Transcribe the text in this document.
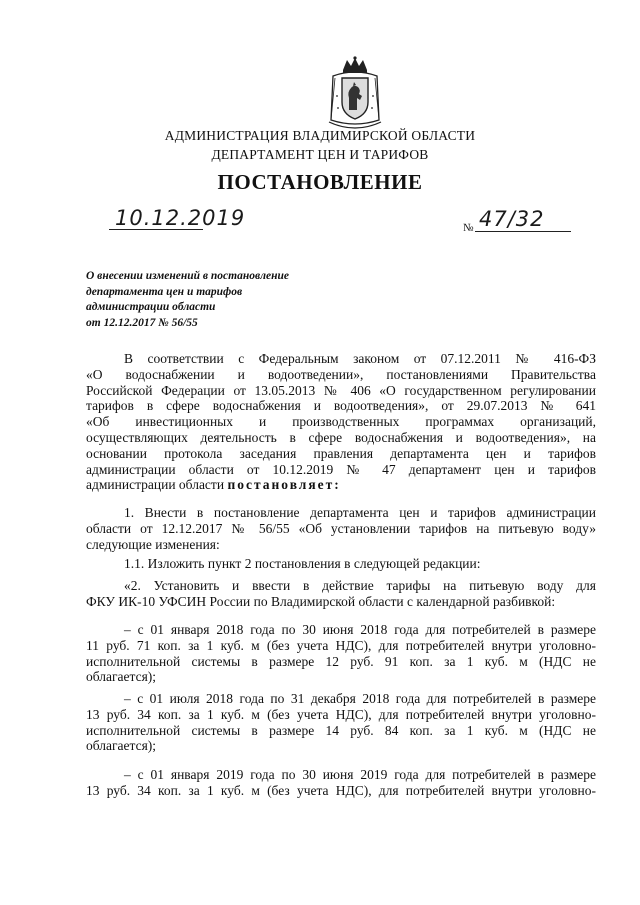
АДМИНИСТРАЦИЯ ВЛАДИМИРСКОЙ ОБЛАСТИ
ДЕПАРТАМЕНТ ЦЕН И ТАРИФОВ
ПОСТАНОВЛЕНИЕ
10.12.2019	№ 47/32
О внесении изменений в постановление
департамента цен и тарифов
администрации области
от 12.12.2017 № 56/55
В соответствии с Федеральным законом от 07.12.2011 № 416-ФЗ
«О водоснабжении и водоотведении», постановлениями Правительства
Российской Федерации от 13.05.2013 № 406 «О государственном регулировании
тарифов в сфере водоснабжения и водоотведения», от 29.07.2013 № 641
«Об инвестиционных и производственных программах организаций,
осуществляющих деятельность в сфере водоснабжения и водоотведения», на
основании протокола заседания правления департамента цен и тарифов
администрации области от 10.12.2019 № 47 департамент цен и тарифов
администрации области постановляет:
1. Внести в постановление департамента цен и тарифов администрации
области от 12.12.2017 № 56/55 «Об установлении тарифов на питьевую воду»
следующие изменения:
1.1. Изложить пункт 2 постановления в следующей редакции:
«2. Установить и ввести в действие тарифы на питьевую воду для
ФКУ ИК-10 УФСИН России по Владимирской области с календарной разбивкой:
– с 01 января 2018 года по 30 июня 2018 года для потребителей в размере
11 руб. 71 коп. за 1 куб. м (без учета НДС), для потребителей внутри уголовно-
исполнительной системы в размере 12 руб. 91 коп. за 1 куб. м (НДС не
облагается);
– с 01 июля 2018 года по 31 декабря 2018 года для потребителей в размере
13 руб. 34 коп. за 1 куб. м (без учета НДС), для потребителей внутри уголовно-
исполнительной системы в размере 14 руб. 84 коп. за 1 куб. м (НДС не
облагается);
– с 01 января 2019 года по 30 июня 2019 года для потребителей в размере
13 руб. 34 коп. за 1 куб. м (без учета НДС), для потребителей внутри уголовно-
